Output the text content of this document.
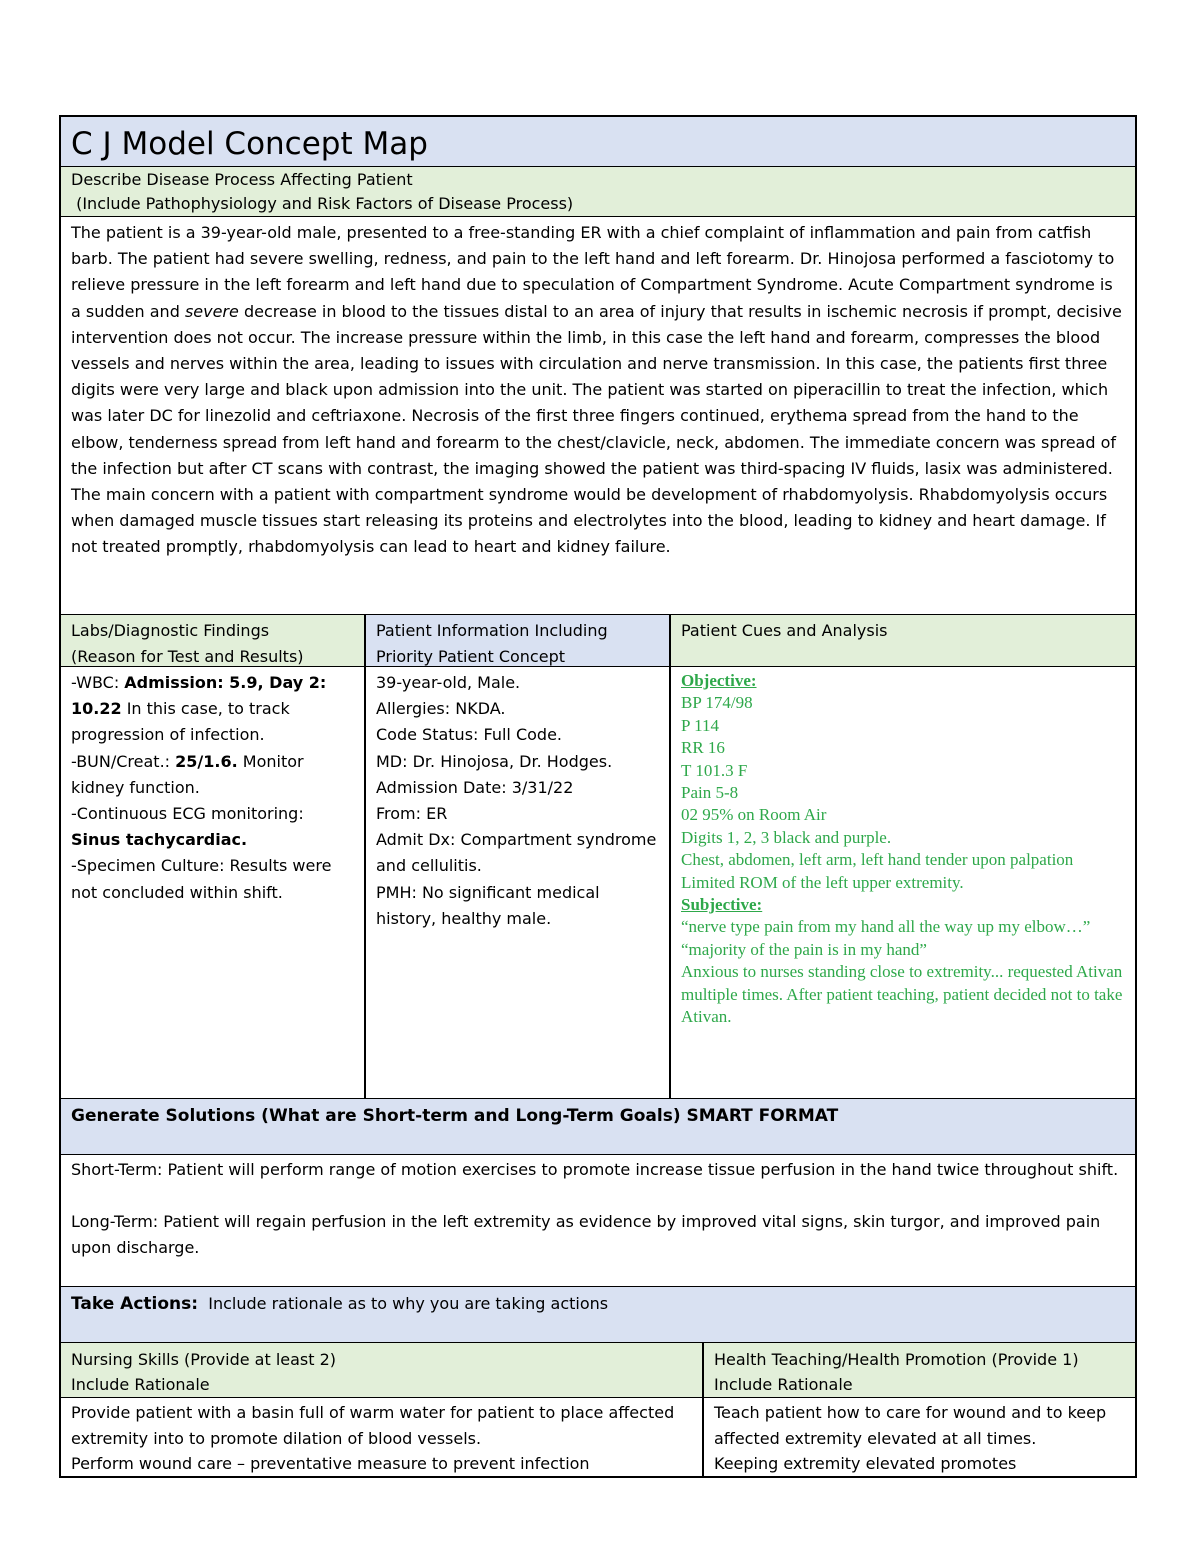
C J Model Concept Map
Describe Disease Process Affecting Patient
(Include Pathophysiology and Risk Factors of Disease Process)
The patient is a 39-year-old male, presented to a free-standing ER with a chief complaint of inflammation and pain from catfish barb. The patient had severe swelling, redness, and pain to the left hand and left forearm. Dr. Hinojosa performed a fasciotomy to relieve pressure in the left forearm and left hand due to speculation of Compartment Syndrome. Acute Compartment syndrome is a sudden and severe decrease in blood to the tissues distal to an area of injury that results in ischemic necrosis if prompt, decisive intervention does not occur. The increase pressure within the limb, in this case the left hand and forearm, compresses the blood vessels and nerves within the area, leading to issues with circulation and nerve transmission. In this case, the patients first three digits were very large and black upon admission into the unit. The patient was started on piperacillin to treat the infection, which was later DC for linezolid and ceftriaxone. Necrosis of the first three fingers continued, erythema spread from the hand to the elbow, tenderness spread from left hand and forearm to the chest/clavicle, neck, abdomen. The immediate concern was spread of the infection but after CT scans with contrast, the imaging showed the patient was third-spacing IV fluids, lasix was administered. The main concern with a patient with compartment syndrome would be development of rhabdomyolysis. Rhabdomyolysis occurs when damaged muscle tissues start releasing its proteins and electrolytes into the blood, leading to kidney and heart damage. If not treated promptly, rhabdomyolysis can lead to heart and kidney failure.
Labs/Diagnostic Findings
(Reason for Test and Results)
Patient Information Including
Priority Patient Concept
Patient Cues and Analysis
-WBC: Admission: 5.9, Day 2: 10.22 In this case, to track progression of infection.
-BUN/Creat.: 25/1.6. Monitor kidney function.
-Continuous ECG monitoring: Sinus tachycardiac.
-Specimen Culture: Results were not concluded within shift.
39-year-old, Male.
Allergies: NKDA.
Code Status: Full Code.
MD: Dr. Hinojosa, Dr. Hodges.
Admission Date: 3/31/22
From: ER
Admit Dx: Compartment syndrome and cellulitis.
PMH: No significant medical history, healthy male.
Objective:
BP 174/98
P 114
RR 16
T 101.3 F
Pain 5-8
02 95% on Room Air
Digits 1, 2, 3 black and purple.
Chest, abdomen, left arm, left hand tender upon palpation
Limited ROM of the left upper extremity.
Subjective:
“nerve type pain from my hand all the way up my elbow…”
“majority of the pain is in my hand”
Anxious to nurses standing close to extremity... requested Ativan multiple times. After patient teaching, patient decided not to take Ativan.
Generate Solutions (What are Short-term and Long-Term Goals) SMART FORMAT
Short-Term: Patient will perform range of motion exercises to promote increase tissue perfusion in the hand twice throughout shift.
Long-Term: Patient will regain perfusion in the left extremity as evidence by improved vital signs, skin turgor, and improved pain upon discharge.
Take Actions:  Include rationale as to why you are taking actions
Nursing Skills (Provide at least 2)
Include Rationale
Health Teaching/Health Promotion (Provide 1)
Include Rationale
Provide patient with a basin full of warm water for patient to place affected extremity into to promote dilation of blood vessels.
Perform wound care – preventative measure to prevent infection
Teach patient how to care for wound and to keep affected extremity elevated at all times.
Keeping extremity elevated promotes
